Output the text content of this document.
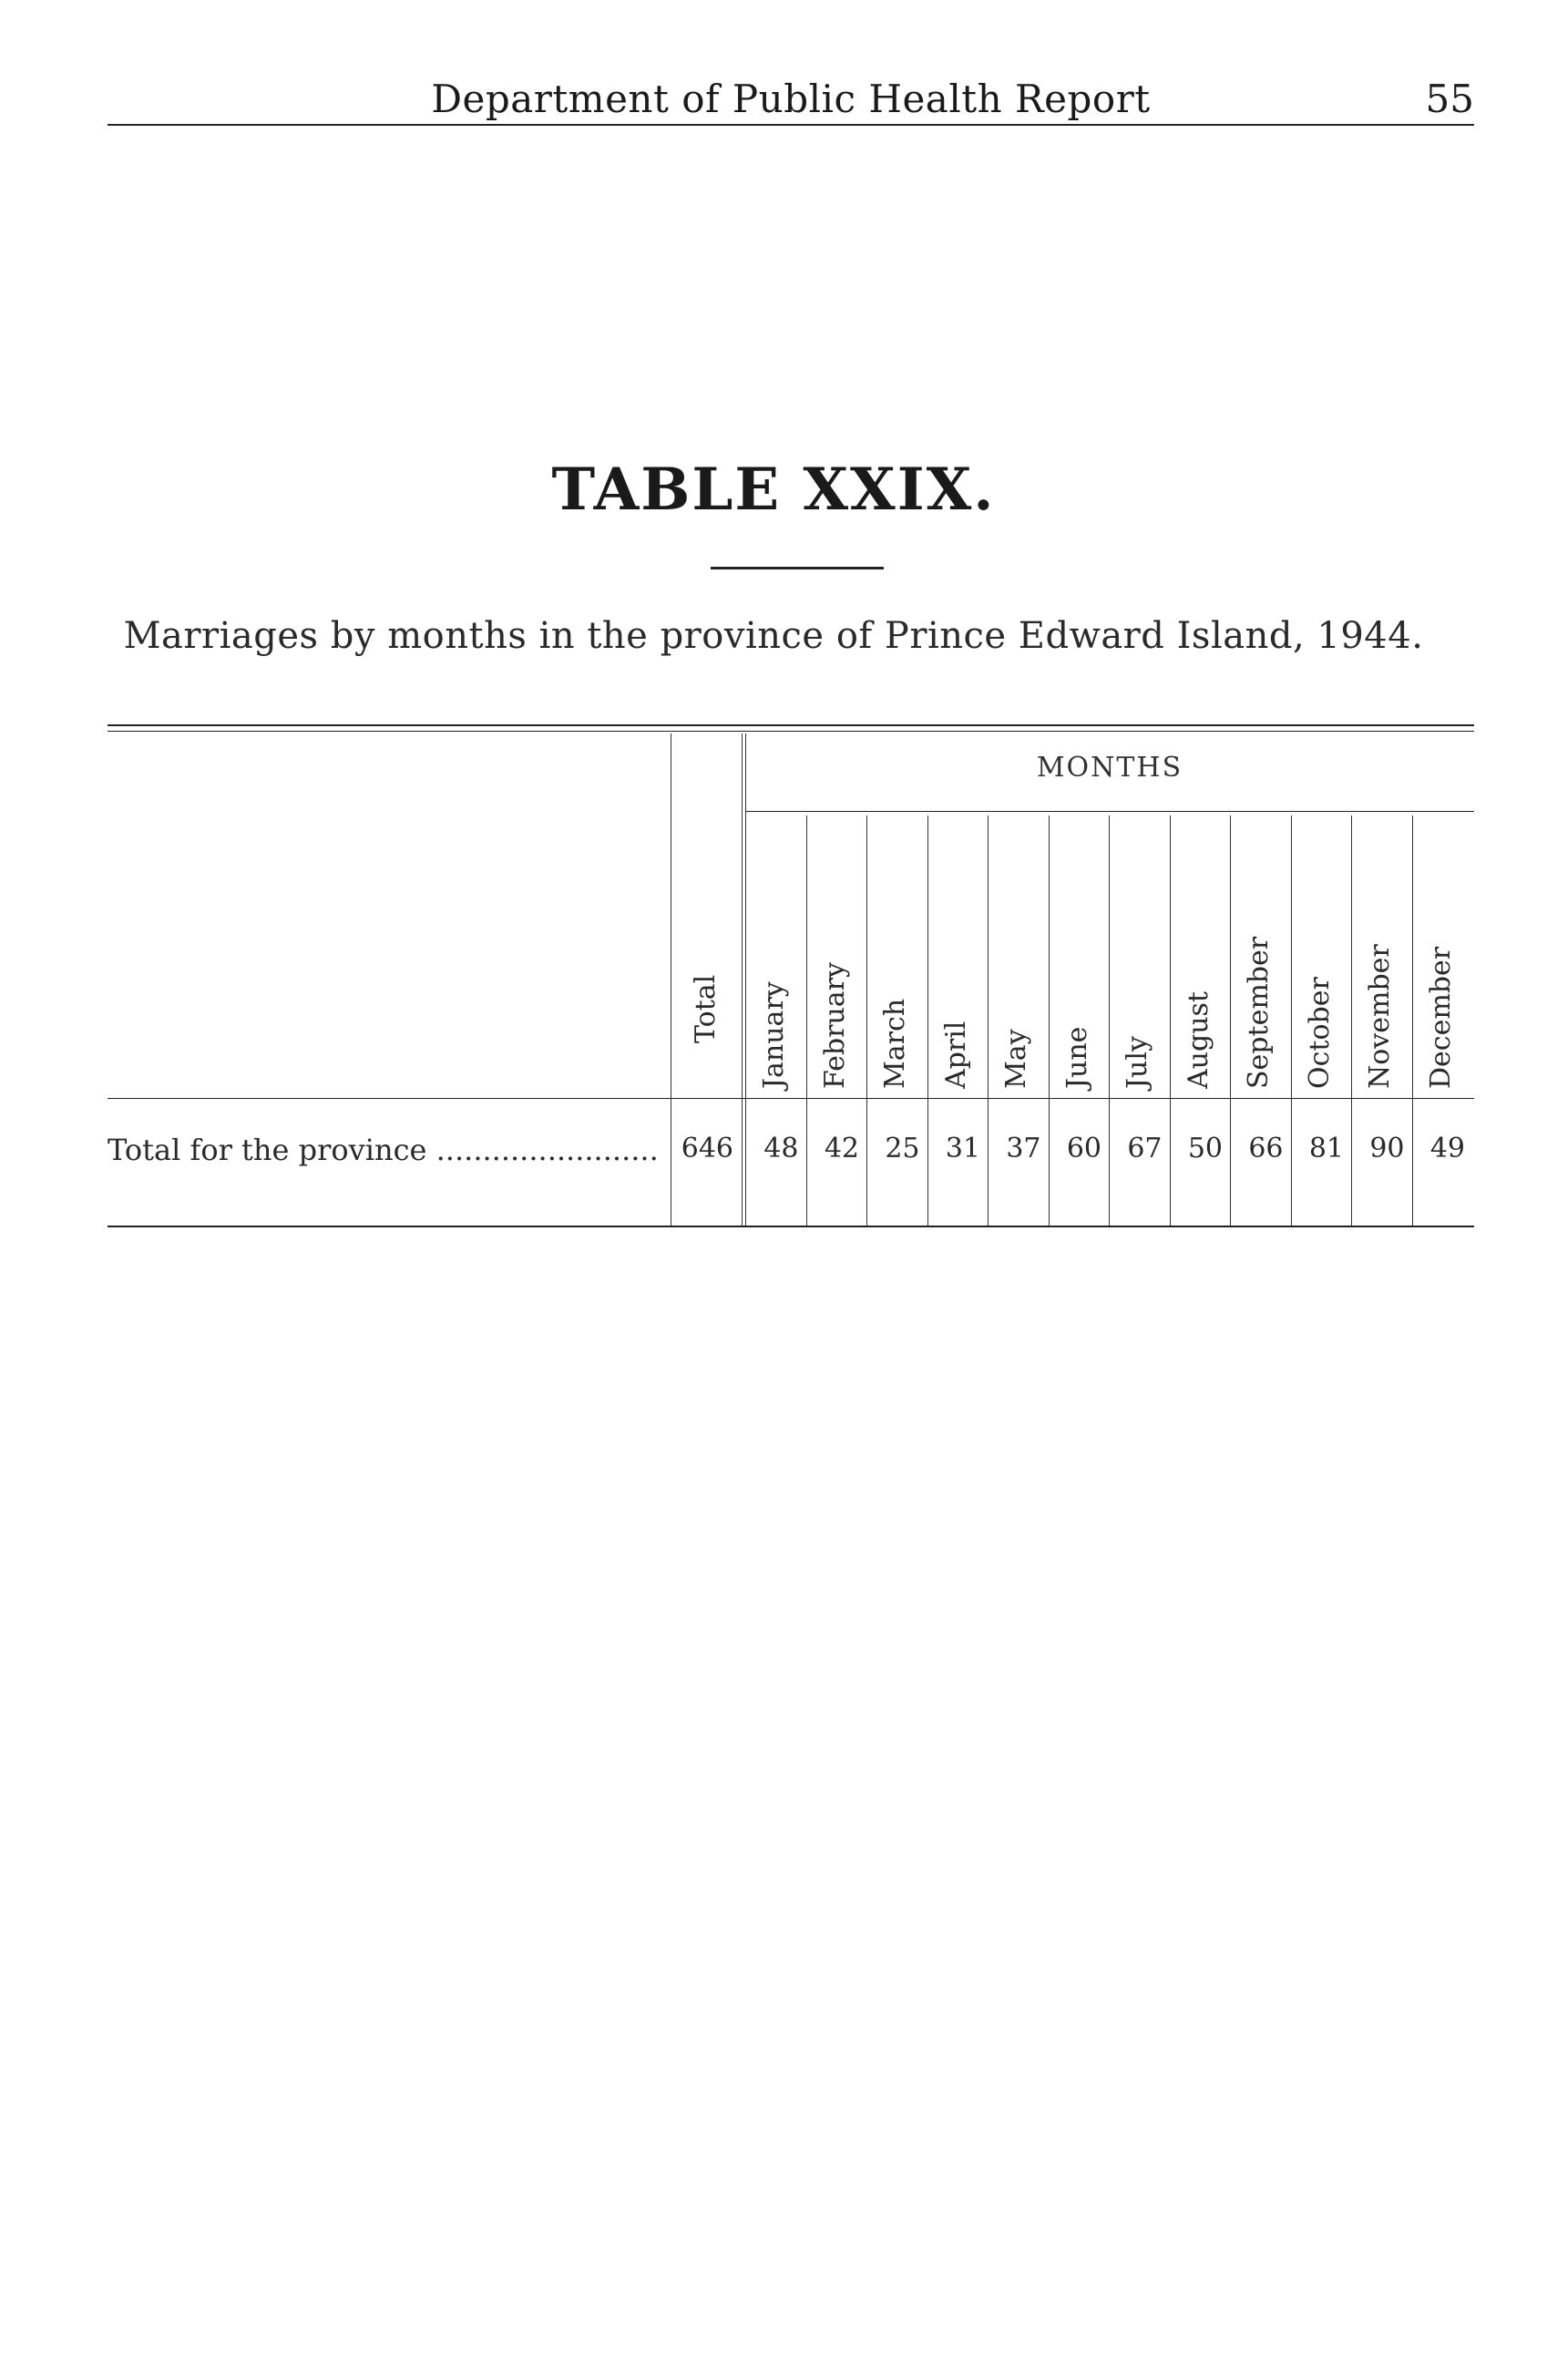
Department of Public Health Report	55
TABLE XXIX.
Marriages by months in the province of Prince Edward Island, 1944.
MONTHS
Total January February March April May June July August September October November December
Total for the province ........................ 646	48 42 25 31 37 60 67 50 66 81 90 49
